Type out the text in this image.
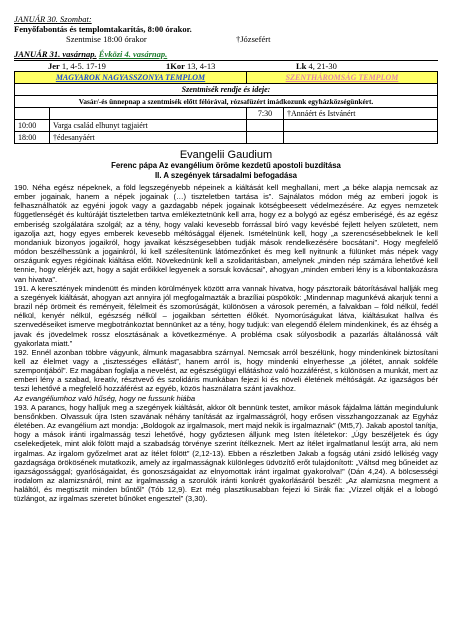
JANUÁR 30. Szombat:
Fenyőfabontás és templomtakarítás, 8:00 órakor.
Szentmise 18:00 órakor	†Józsefért
JANUÁR 31. vasárnap. Évközi 4. vasárnap.
Jer 1, 4-5. 17-19	1Kor 13, 4-13	Lk 4, 21-30
MAGYAROK NAGYASSZONYA TEMPLOM		SZENTHÁROMSÁG TEMPLOM	
Szentmisék rendje és ideje:			
Vasár/-és ünnepnap a szentmisék előtt félórával, rózsafüzért imádkozunk egyházközségünkért.			
		7:30	†Annáért és Istvánért
10:00	Varga család elhunyt tagjaiért		
18:00	†édesanyáért		
Evangelii Gaudium
Ferenc pápa Az evangélium öröme kezdetű apostoli buzdítása
II. A szegények társadalmi befogadása

190. Néha egész népeknek, a föld legszegényebb népeinek a kiáltását kell meghallani, mert „a béke alapja nemcsak az ember jogainak, hanem a népek jogainak (…) tiszteletben tartása is”. Sajnálatos módon még az emberi jogok is felhasználhatók az egyéni jogok vagy a gazdagabb népek jogainak kötségbeesett védelmezésére. Az egyes nemzetek függetlenségét és kultúráját tiszteletben tartva emlékeztetnünk kell arra, hogy ez a bolygó az egész emberiségé, és az egész emberiség szolgálatára szolgál; az a tény, hogy valaki kevesebb forrással bíró vagy kevésbé fejlett helyen született, nem igazolja azt, hogy egyes emberek kevesebb méltósággal éljenek. Ismételnünk kell, hogy „a szerencsésebbeknek le kell mondaniuk bizonyos jogaikról, hogy javaikat készségesebben tudják mások rendelkezésére bocsátani”. Hogy megfelelő módon beszélhessünk a jogainkról, ki kell szélesítenünk látómezőnket és meg kell nyitnunk a fülünket más népek vagy országunk egyes régióinak kiáltása előtt. Növekednünk kell a szolidaritásban, amelynek „minden nép számára lehetővé kell tennie, hogy elérjék azt, hogy a saját erőikkel legyenek a sorsuk kovácsai”, ahogyan „minden emberi lény is a kibontakozásra van hivatva”.

191. A keresztények mindenütt és minden körülmények között arra vannak hivatva, hogy pásztoraik bátorításával hallják meg a szegények kiáltását, ahogyan azt annyira jól megfogalmazták a brazíliai püspökök: „Mindennap magunkévá akarjuk tenni a brazil nép örömeit és reményeit, félelmeit és szomorúságát, különösen a városok peremén, a falvakban – föld nélkül, fedél nélkül, kenyér nélkül, egészség nélkül – jogaikban sértetten élőkét. Nyomorúságukat látva, kiáltásukat hallva és szenvedéseiket ismerve megbotránkoztat bennünket az a tény, hogy tudjuk: van elegendő élelem mindenkinek, és az éhség a javak és jövedelmek rossz elosztásának a következménye. A probléma csak súlyosbodik a pazarlás általánossá vált gyakorlata miatt.”

192. Ennél azonban többre vágyunk, álmunk magasabbra szárnyal. Nemcsak arról beszélünk, hogy mindenkinek biztosítani kell az élelmet vagy a „tisztességes ellátást”, hanem arról is, hogy mindenki elnyerhesse „a jólétet, annak sokféle szempontjából”. Ez magában foglalja a nevelést, az egészségügyi ellátáshoz való hozzáférést, s különösen a munkát, mert az emberi lény a szabad, kreatív, résztvevő és szolidáris munkában fejezi ki és növeli életének méltóságát. Az igazságos bér teszi lehetővé a megfelelő hozzáférést az egyéb, közös használatra szánt javakhoz.

Az evangéliumhoz való hűség, hogy ne fussunk hiába

193. A parancs, hogy halljuk meg a szegények kiáltását, akkor ölt bennünk testet, amikor mások fájdalma láttán megindulunk bensőnkben. Olvassuk újra Isten szavának néhány tanítását az irgalmasságról, hogy erősen visszhangozzanak az Egyház életében. Az evangélium azt mondja: „Boldogok az irgalmasok, mert majd nekik is irgalmaznak” (Mt5,7). Jakab apostol tanítja, hogy a mások iránti irgalmasság teszi lehetővé, hogy győztesen álljunk meg Isten ítéletekor: „Úgy beszéljetek és úgy cselekedjetek, mint akik fölött majd a szabadság törvénye szerint ítélkeznek. Mert az ítélet irgalmatlanul lesújt arra, aki nem irgalmas. Az irgalom győzelmet arat az ítélet fölött” (2,12-13). Ebben a részletben Jakab a fogság utáni zsidó lelkiség vagy gazdagsága örökösének mutatkozik, amely az irgalmasságnak különleges üdvözítő erőt tulajdonított: „Váltsd meg bűneidet az igazságossággal; gyarlóságaidat, és gonoszságaidat az elnyomottak iránt irgalmat gyakorolva!” (Dán 4,24). A bölcsességi irodalom az alamizsnáról, mint az irgalmasság a szorulók iránti konkrét gyakorlásáról beszél: „Az alamizsna megment a haláltól, és megtisztít minden bűntől” (Tób 12,9). Ezt még plasztikusabban fejezi ki Sirák fia: „Vízzel oltják el a lobogó tüzlángot, az irgalmas szeretet bűnöket engesztel” (3,30).
